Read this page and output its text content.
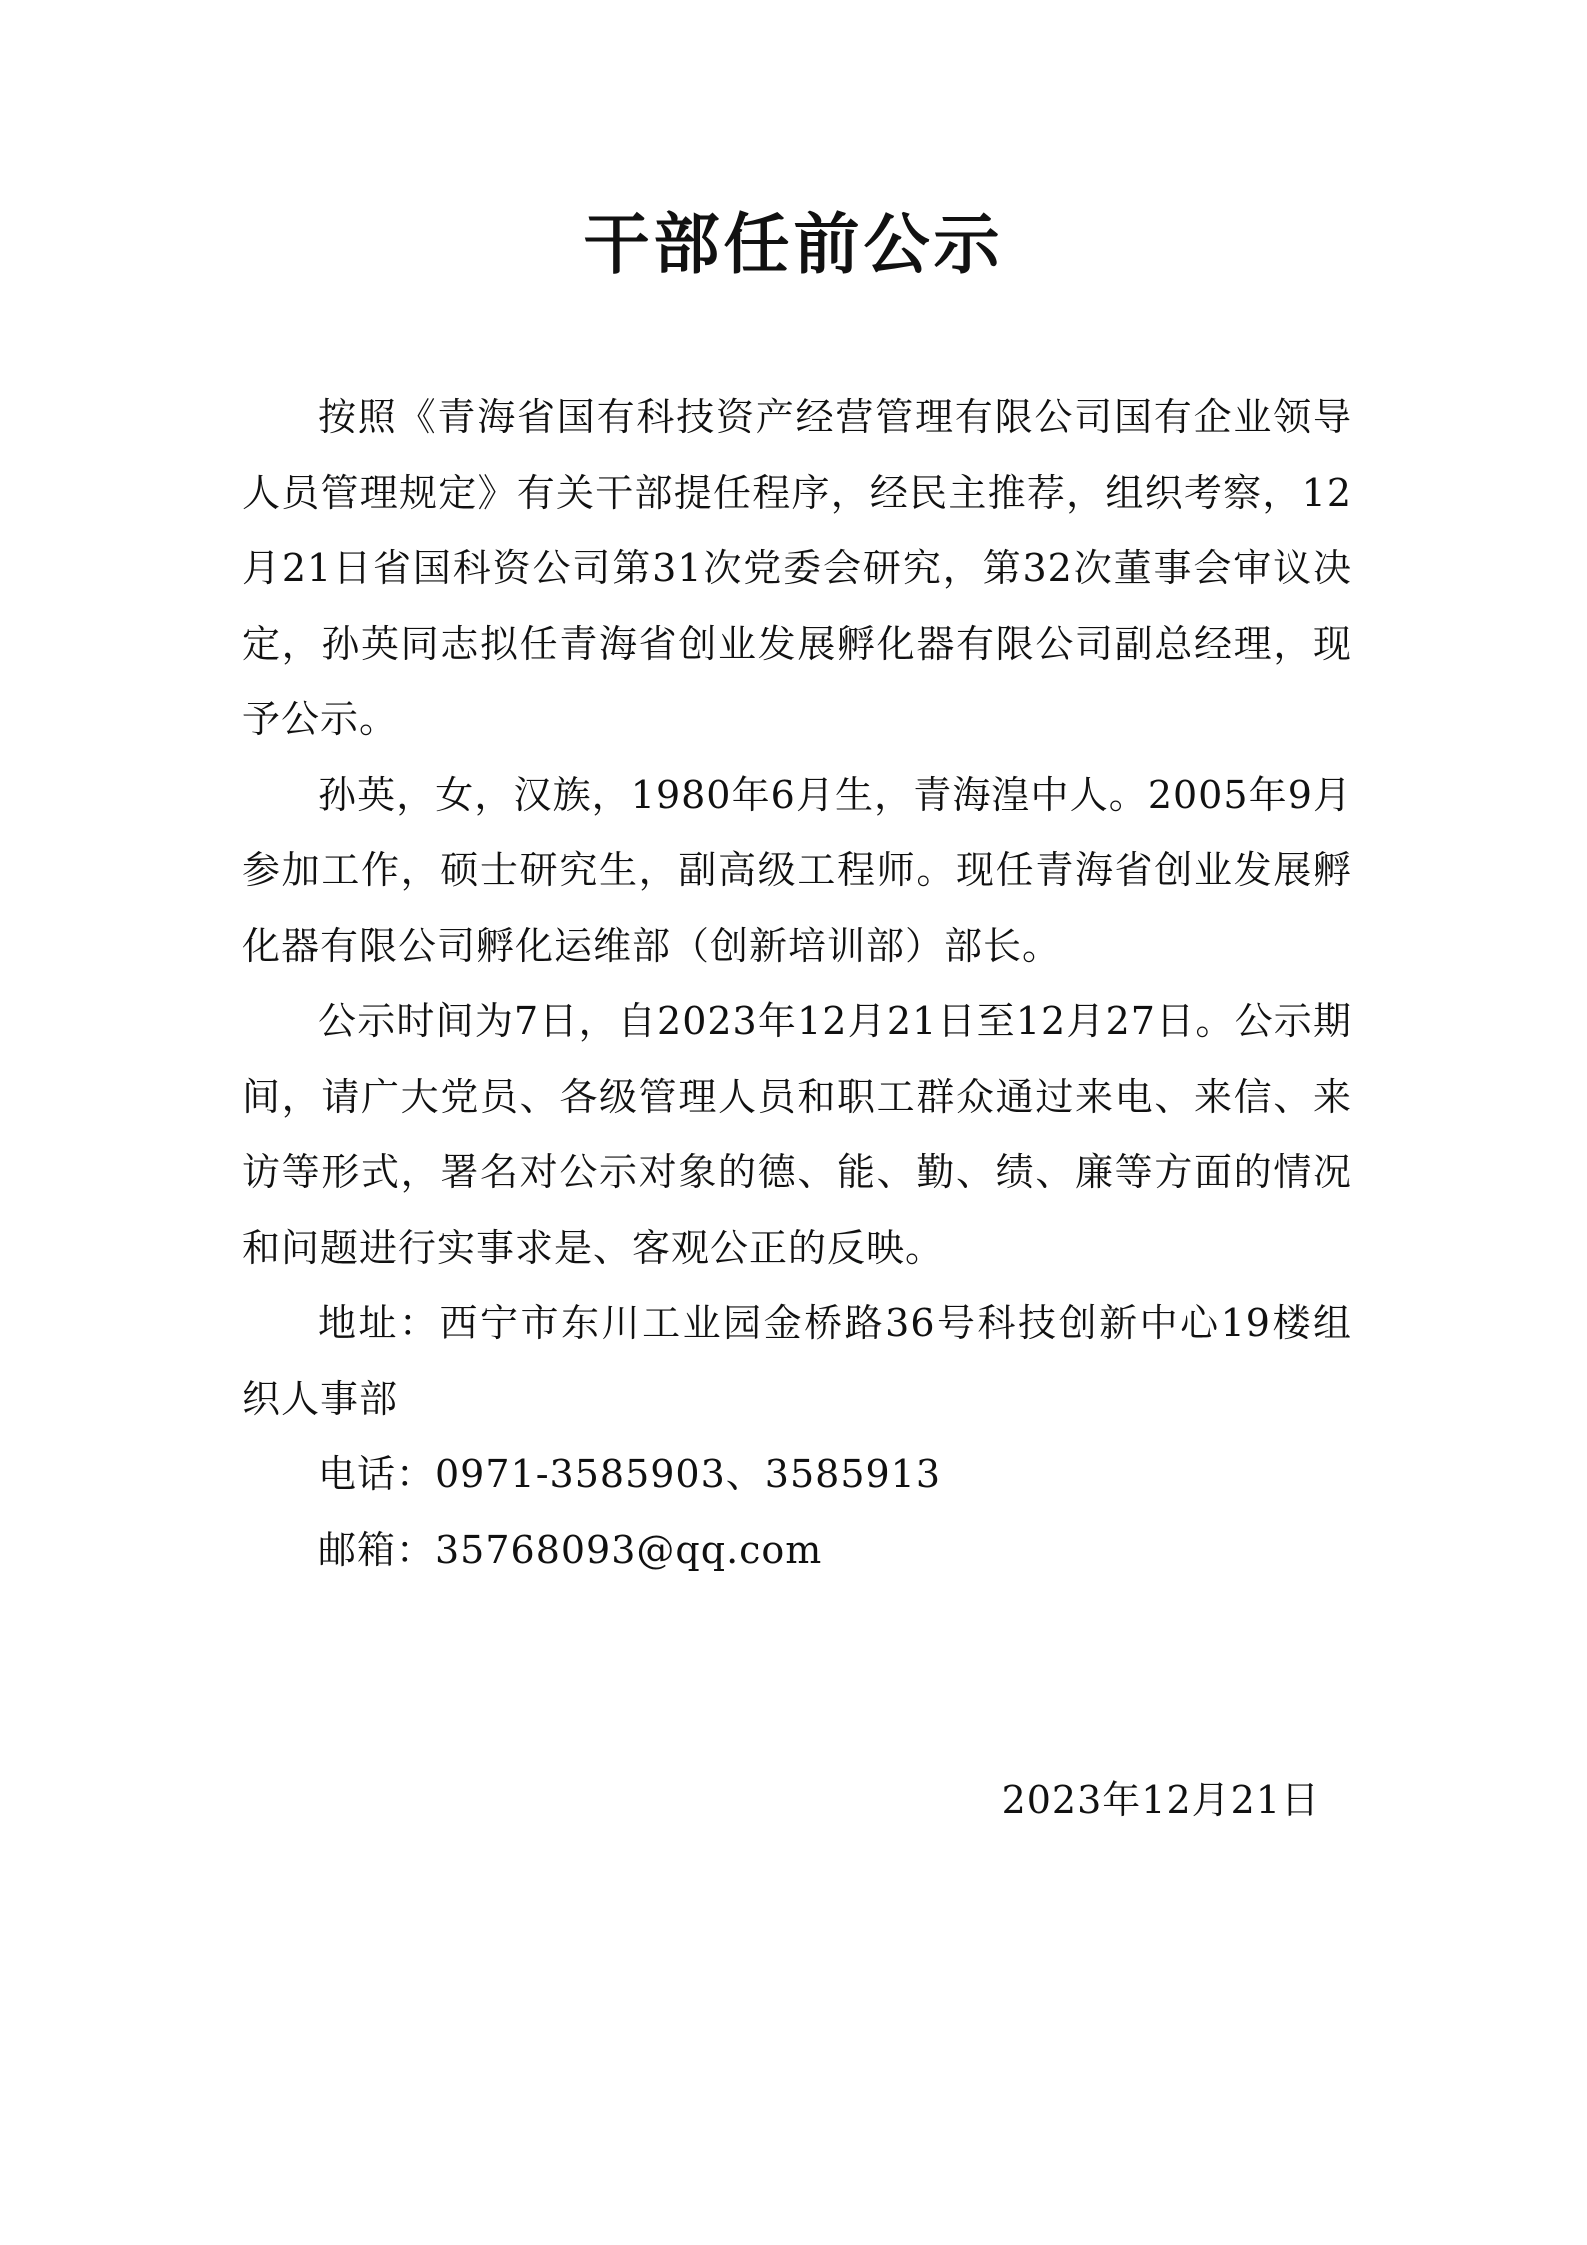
干部任前公示

按照《青海省国有科技资产经营管理有限公司国有企业领导人员管理规定》有关干部提任程序，经民主推荐，组织考察，12月21日省国科资公司第31次党委会研究，第32次董事会审议决定，孙英同志拟任青海省创业发展孵化器有限公司副总经理，现予公示。

孙英，女，汉族，1980年6月生，青海湟中人。2005年9月参加工作，硕士研究生，副高级工程师。现任青海省创业发展孵化器有限公司孵化运维部（创新培训部）部长。

公示时间为7日，自2023年12月21日至12月27日。公示期间，请广大党员、各级管理人员和职工群众通过来电、来信、来访等形式，署名对公示对象的德、能、勤、绩、廉等方面的情况和问题进行实事求是、客观公正的反映。

地址：西宁市东川工业园金桥路36号科技创新中心19楼组织人事部

电话：0971-3585903、3585913

邮箱：35768093@qq.com

2023年12月21日
